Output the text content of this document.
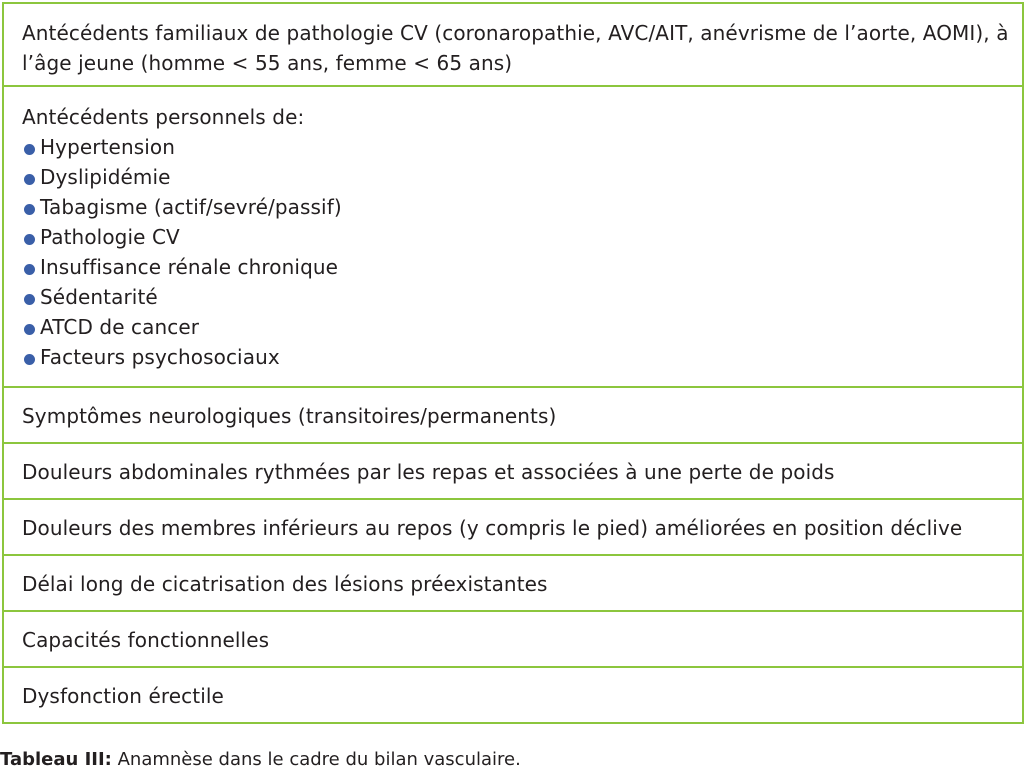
Antécédents familiaux de pathologie CV (coronaropathie, AVC/AIT, anévrisme de l’aorte, AOMI), à l’âge jeune (homme < 55 ans, femme < 65 ans)
Antécédents personnels de:
Hypertension
Dyslipidémie
Tabagisme (actif/sevré/passif)
Pathologie CV
Insuffisance rénale chronique
Sédentarité
ATCD de cancer
Facteurs psychosociaux
Symptômes neurologiques (transitoires/permanents)
Douleurs abdominales rythmées par les repas et associées à une perte de poids
Douleurs des membres inférieurs au repos (y compris le pied) améliorées en position déclive
Délai long de cicatrisation des lésions préexistantes
Capacités fonctionnelles
Dysfonction érectile
Tableau III: Anamnèse dans le cadre du bilan vasculaire.
